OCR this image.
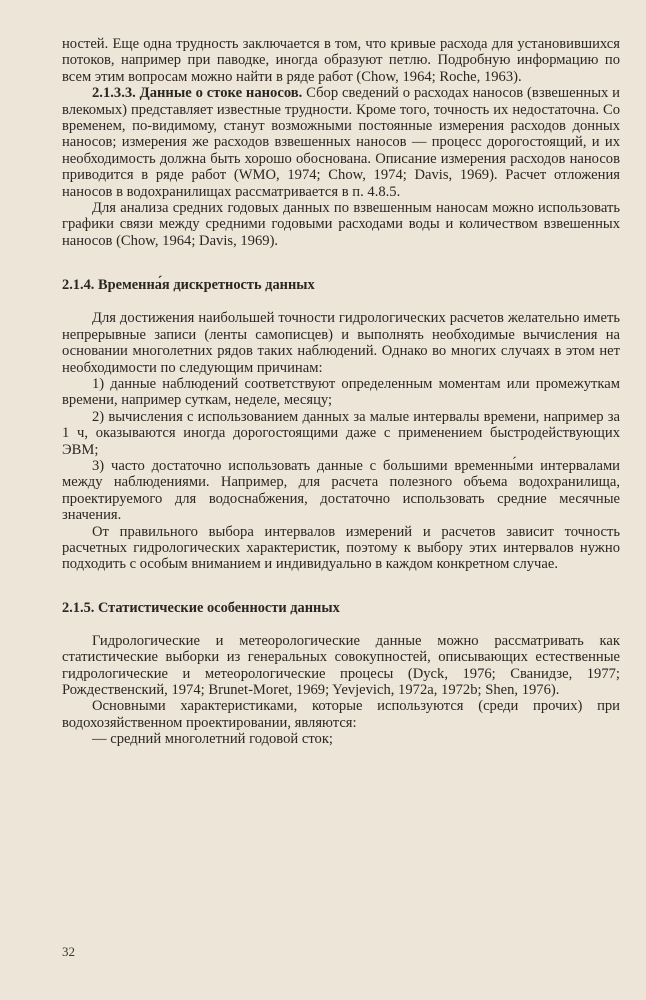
ностей. Еще одна трудность заключается в том, что кривые расхода для установившихся потоков, например при паводке, иногда образуют петлю. Подробную информацию по всем этим вопросам можно найти в ряде работ (Chow, 1964; Roche, 1963).

2.1.3.3. Данные о стоке наносов. Сбор сведений о расходах наносов (взвешенных и влекомых) представляет известные трудности. Кроме того, точность их недостаточна. Со временем, по-видимому, станут возможными постоянные измерения расходов донных наносов; измерения же расходов взвешенных наносов — процесс дорогостоящий, и их необходимость должна быть хорошо обоснована. Описание измерения расходов наносов приводится в ряде работ (WMO, 1974; Chow, 1974; Davis, 1969). Расчет отложения наносов в водохранилищах рассматривается в п. 4.8.5.

Для анализа средних годовых данных по взвешенным наносам можно использовать графики связи между средними годовыми расходами воды и количеством взвешенных наносов (Chow, 1964; Davis, 1969).

2.1.4. Временна́я дискретность данных

Для достижения наибольшей точности гидрологических расчетов желательно иметь непрерывные записи (ленты самописцев) и выполнять необходимые вычисления на основании многолетних рядов таких наблюдений. Однако во многих случаях в этом нет необходимости по следующим причинам:

1) данные наблюдений соответствуют определенным моментам или промежуткам времени, например суткам, неделе, месяцу;

2) вычисления с использованием данных за малые интервалы времени, например за 1 ч, оказываются иногда дорогостоящими даже с применением быстродействующих ЭВМ;

3) часто достаточно использовать данные с большими временны́ми интервалами между наблюдениями. Например, для расчета полезного объема водохранилища, проектируемого для водоснабжения, достаточно использовать средние месячные значения.

От правильного выбора интервалов измерений и расчетов зависит точность расчетных гидрологических характеристик, поэтому к выбору этих интервалов нужно подходить с особым вниманием и индивидуально в каждом конкретном случае.

2.1.5. Статистические особенности данных

Гидрологические и метеорологические данные можно рассматривать как статистические выборки из генеральных совокупностей, описывающих естественные гидрологические и метеорологические процесы (Dyck, 1976; Сванидзе, 1977; Рождественский, 1974; Brunet-Moret, 1969; Yevjevich, 1972a, 1972b; Shen, 1976).

Основными характеристиками, которые используются (среди прочих) при водохозяйственном проектировании, являются:

— средний многолетний годовой сток;

32
